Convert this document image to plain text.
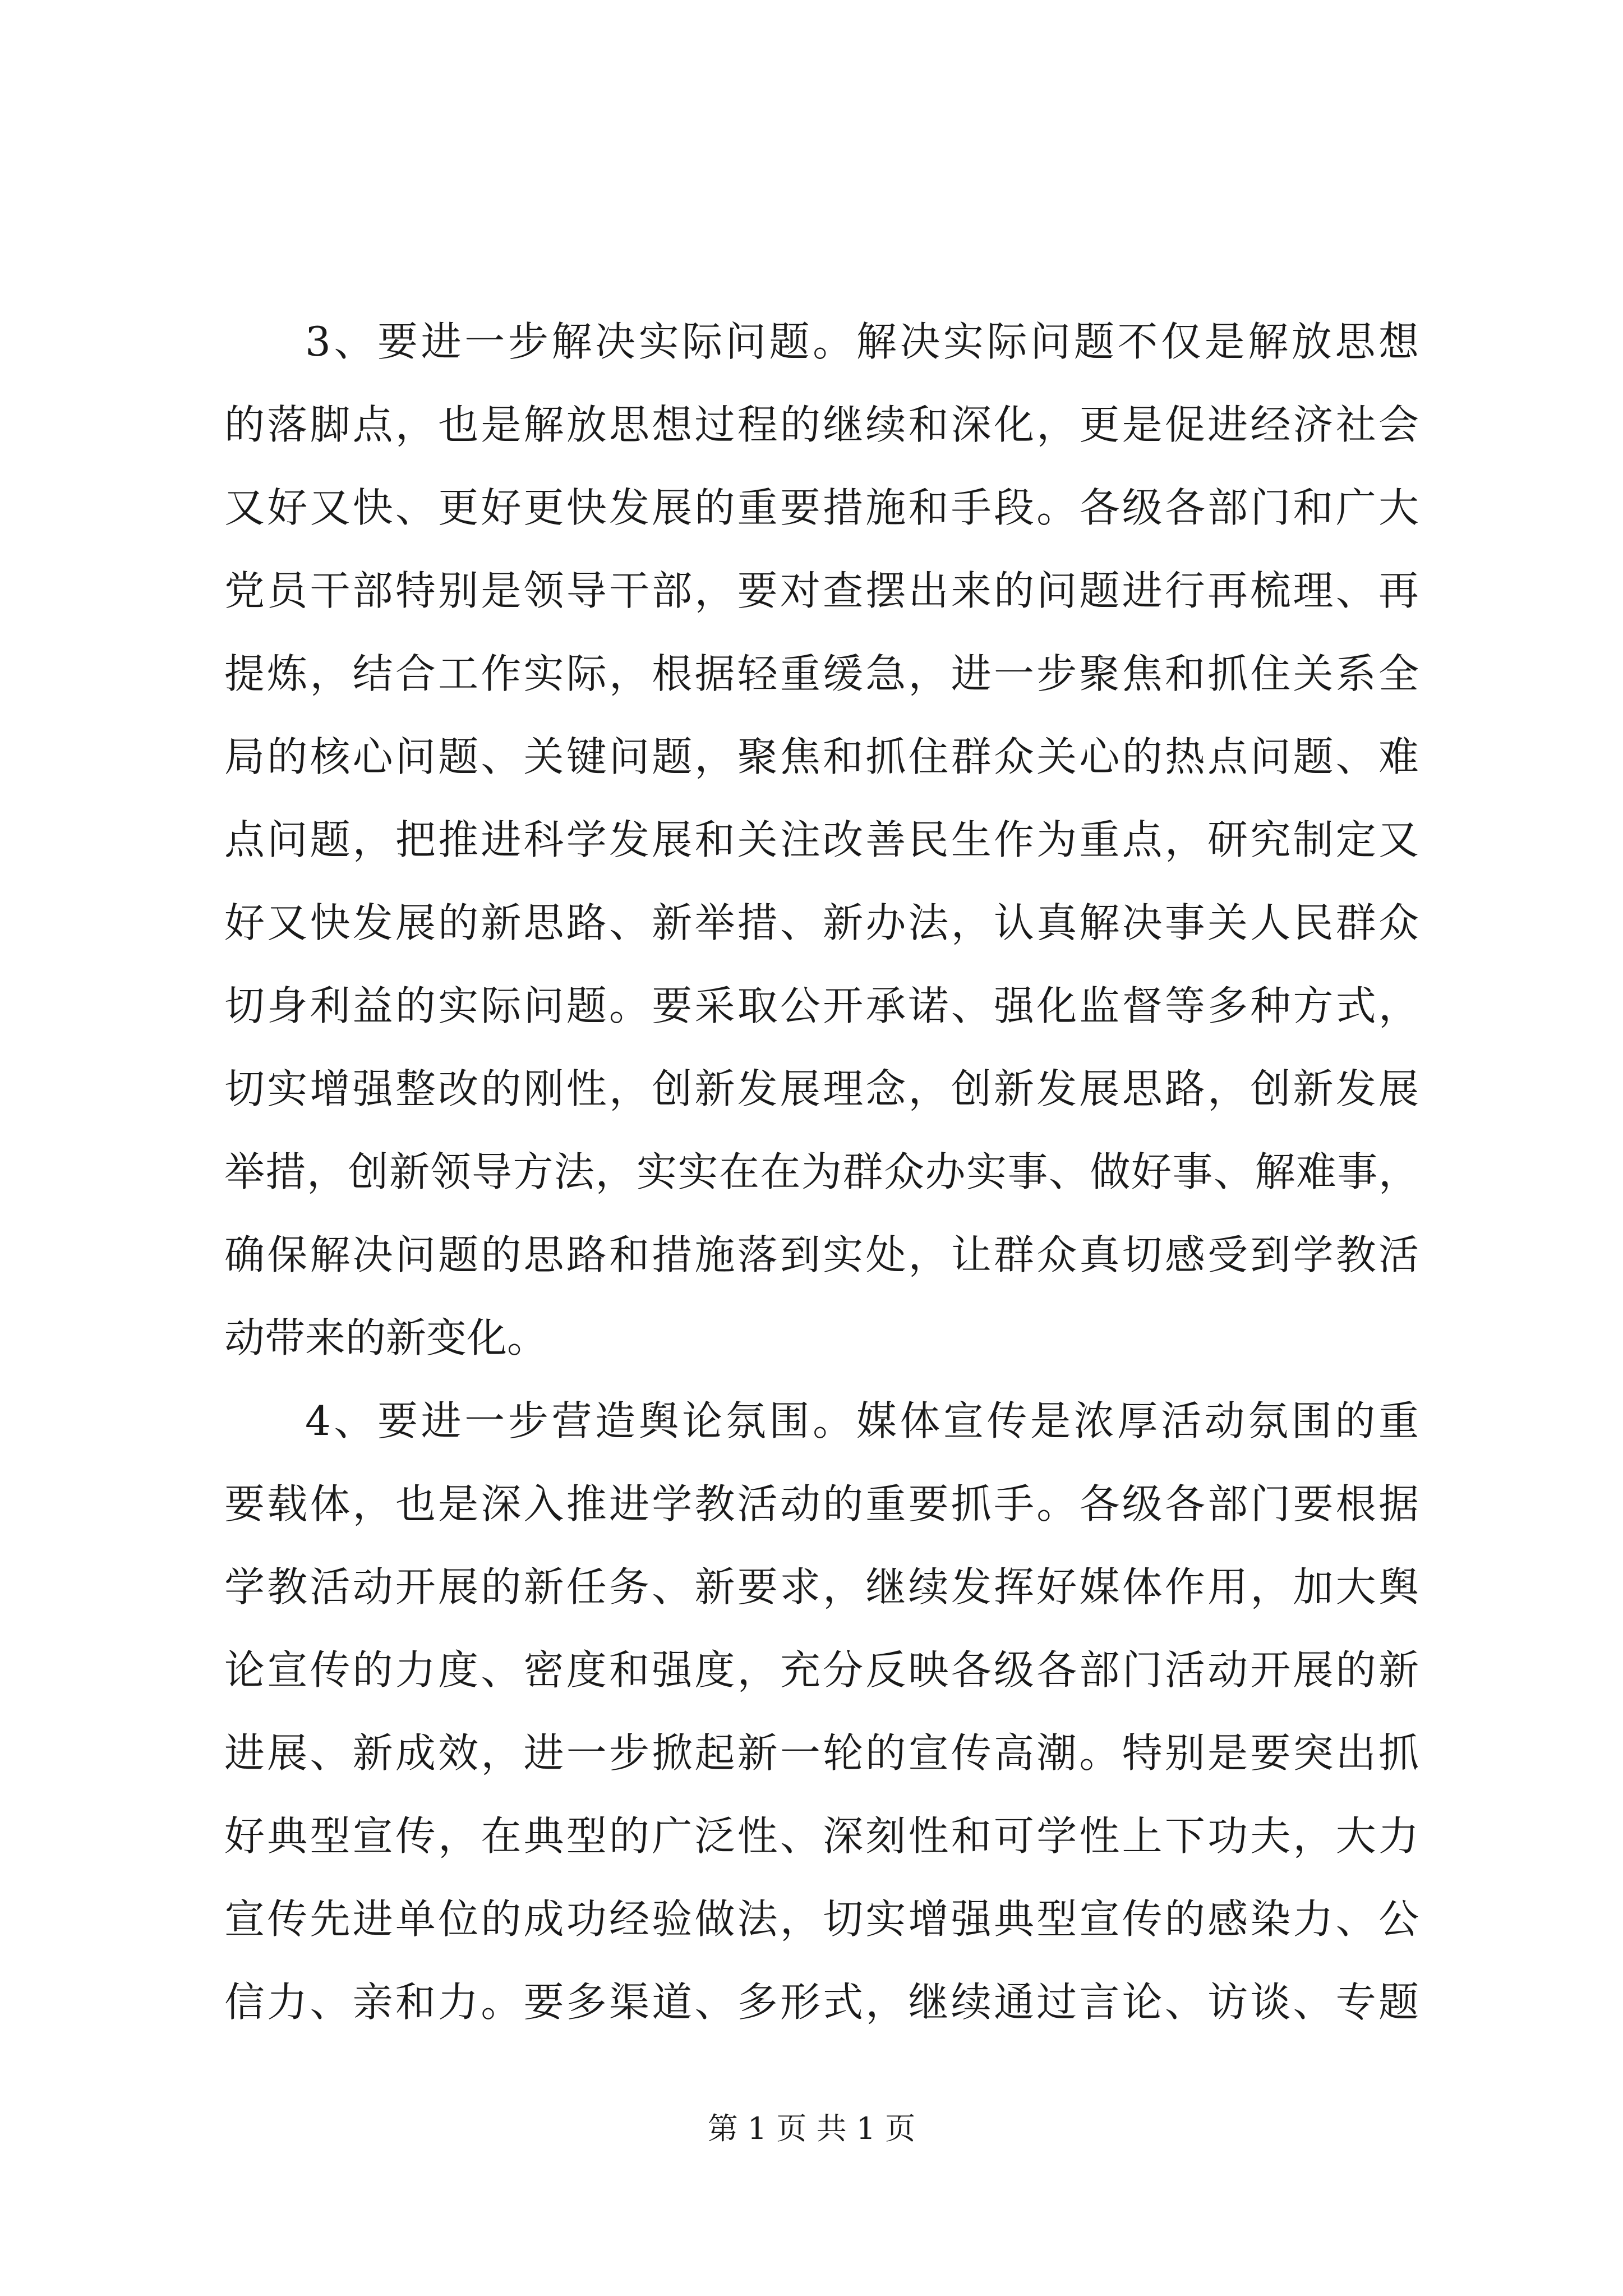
3、要进一步解决实际问题。解决实际问题不仅是解放思想
的落脚点，也是解放思想过程的继续和深化，更是促进经济社会
又好又快、更好更快发展的重要措施和手段。各级各部门和广大
党员干部特别是领导干部，要对查摆出来的问题进行再梳理、再
提炼，结合工作实际，根据轻重缓急，进一步聚焦和抓住关系全
局的核心问题、关键问题，聚焦和抓住群众关心的热点问题、难
点问题，把推进科学发展和关注改善民生作为重点，研究制定又
好又快发展的新思路、新举措、新办法，认真解决事关人民群众
切身利益的实际问题。要采取公开承诺、强化监督等多种方式，
切实增强整改的刚性，创新发展理念，创新发展思路，创新发展
举措，创新领导方法，实实在在为群众办实事、做好事、解难事，
确保解决问题的思路和措施落到实处，让群众真切感受到学教活
动带来的新变化。
4、要进一步营造舆论氛围。媒体宣传是浓厚活动氛围的重
要载体，也是深入推进学教活动的重要抓手。各级各部门要根据
学教活动开展的新任务、新要求，继续发挥好媒体作用，加大舆
论宣传的力度、密度和强度，充分反映各级各部门活动开展的新
进展、新成效，进一步掀起新一轮的宣传高潮。特别是要突出抓
好典型宣传，在典型的广泛性、深刻性和可学性上下功夫，大力
宣传先进单位的成功经验做法，切实增强典型宣传的感染力、公
信力、亲和力。要多渠道、多形式，继续通过言论、访谈、专题
第 1 页 共 1 页
